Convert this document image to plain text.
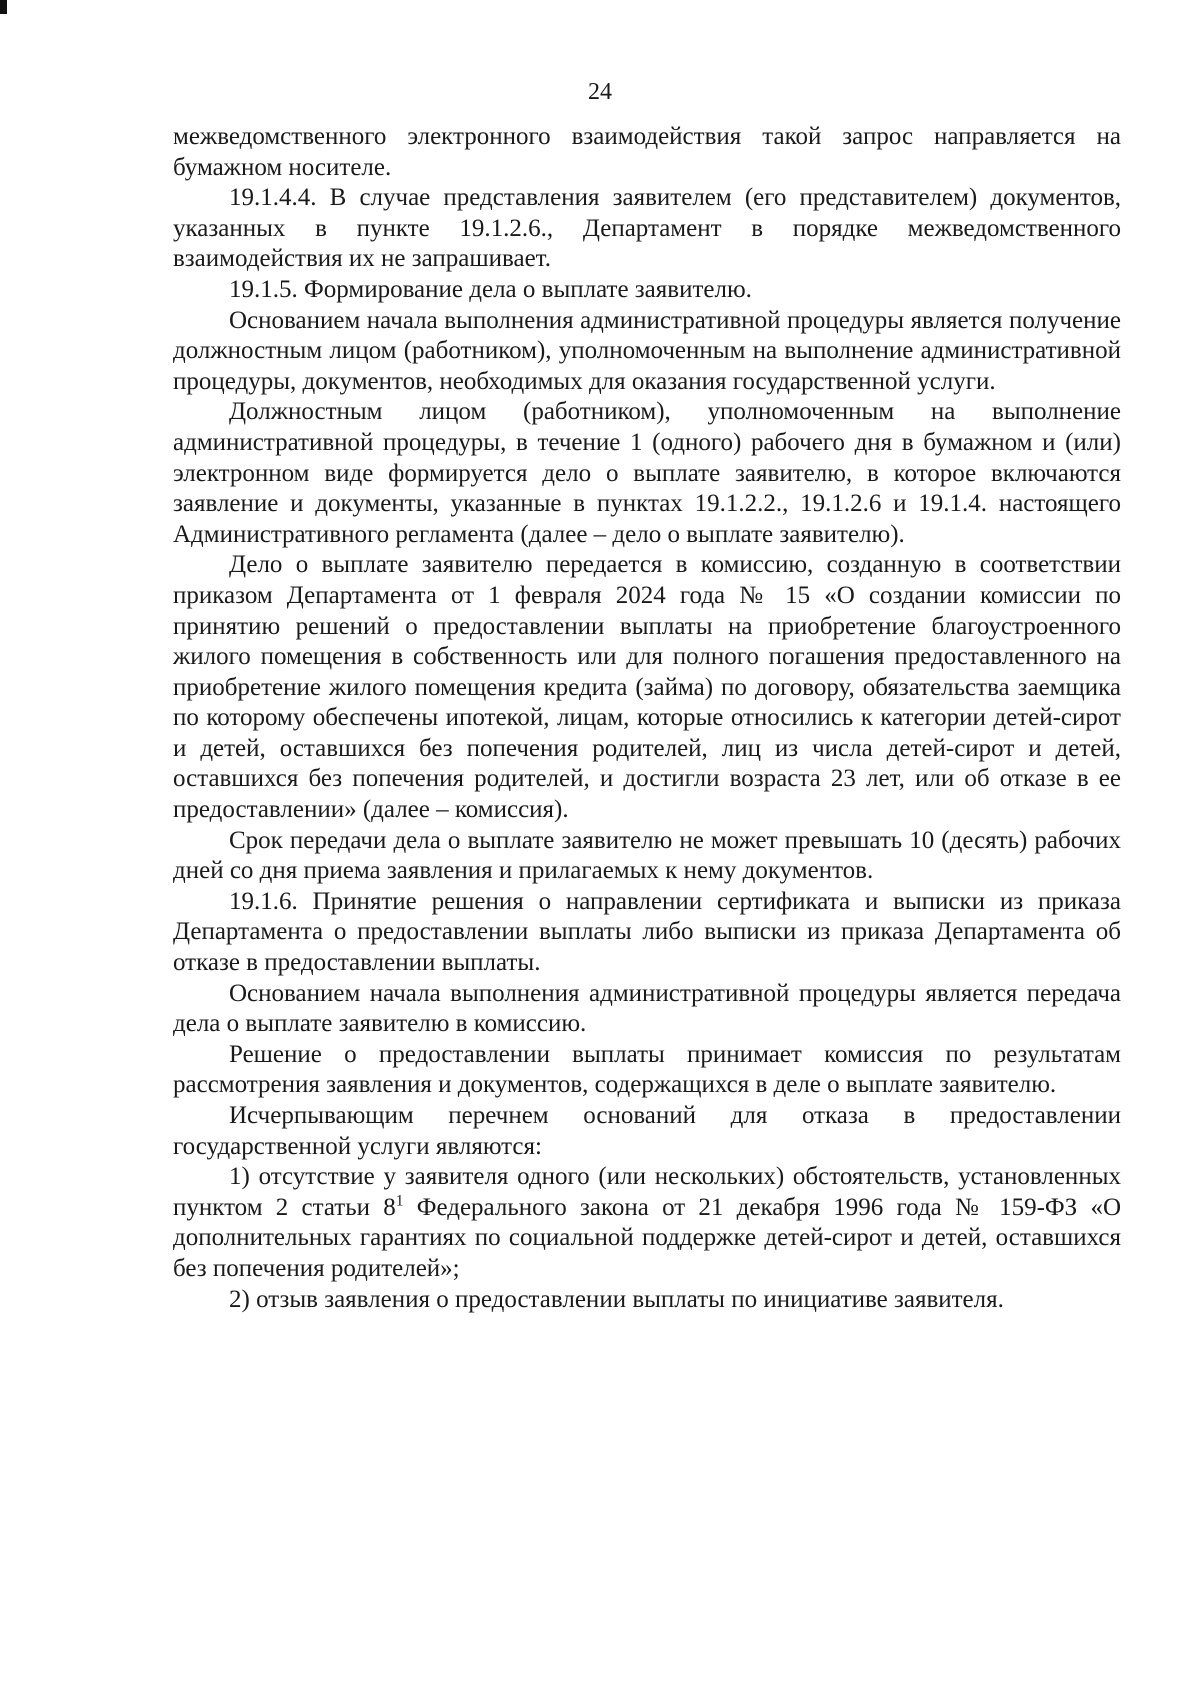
24

межведомственного электронного взаимодействия такой запрос направляется на бумажном носителе.

19.1.4.4. В случае представления заявителем (его представителем) документов, указанных в пункте 19.1.2.6., Департамент в порядке межведомственного взаимодействия их не запрашивает.

19.1.5. Формирование дела о выплате заявителю.

Основанием начала выполнения административной процедуры является получение должностным лицом (работником), уполномоченным на выполнение административной процедуры, документов, необходимых для оказания государственной услуги.

Должностным лицом (работником), уполномоченным на выполнение административной процедуры, в течение 1 (одного) рабочего дня в бумажном и (или) электронном виде формируется дело о выплате заявителю, в которое включаются заявление и документы, указанные в пунктах 19.1.2.2., 19.1.2.6 и 19.1.4. настоящего Административного регламента (далее – дело о выплате заявителю).

Дело о выплате заявителю передается в комиссию, созданную в соответствии приказом Департамента от 1 февраля 2024 года № 15 «О создании комиссии по принятию решений о предоставлении выплаты на приобретение благоустроенного жилого помещения в собственность или для полного погашения предоставленного на приобретение жилого помещения кредита (займа) по договору, обязательства заемщика по которому обеспечены ипотекой, лицам, которые относились к категории детей-сирот и детей, оставшихся без попечения родителей, лиц из числа детей-сирот и детей, оставшихся без попечения родителей, и достигли возраста 23 лет, или об отказе в ее предоставлении» (далее – комиссия).

Срок передачи дела о выплате заявителю не может превышать 10 (десять) рабочих дней со дня приема заявления и прилагаемых к нему документов.

19.1.6. Принятие решения о направлении сертификата и выписки из приказа Департамента о предоставлении выплаты либо выписки из приказа Департамента об отказе в предоставлении выплаты.

Основанием начала выполнения административной процедуры является передача дела о выплате заявителю в комиссию.

Решение о предоставлении выплаты принимает комиссия по результатам рассмотрения заявления и документов, содержащихся в деле о выплате заявителю.

Исчерпывающим перечнем оснований для отказа в предоставлении государственной услуги являются:

1) отсутствие у заявителя одного (или нескольких) обстоятельств, установленных пунктом 2 статьи $8^1$ Федерального закона от 21 декабря 1996 года № 159-ФЗ «О дополнительных гарантиях по социальной поддержке детей-сирот и детей, оставшихся без попечения родителей»;

2) отзыв заявления о предоставлении выплаты по инициативе заявителя.
